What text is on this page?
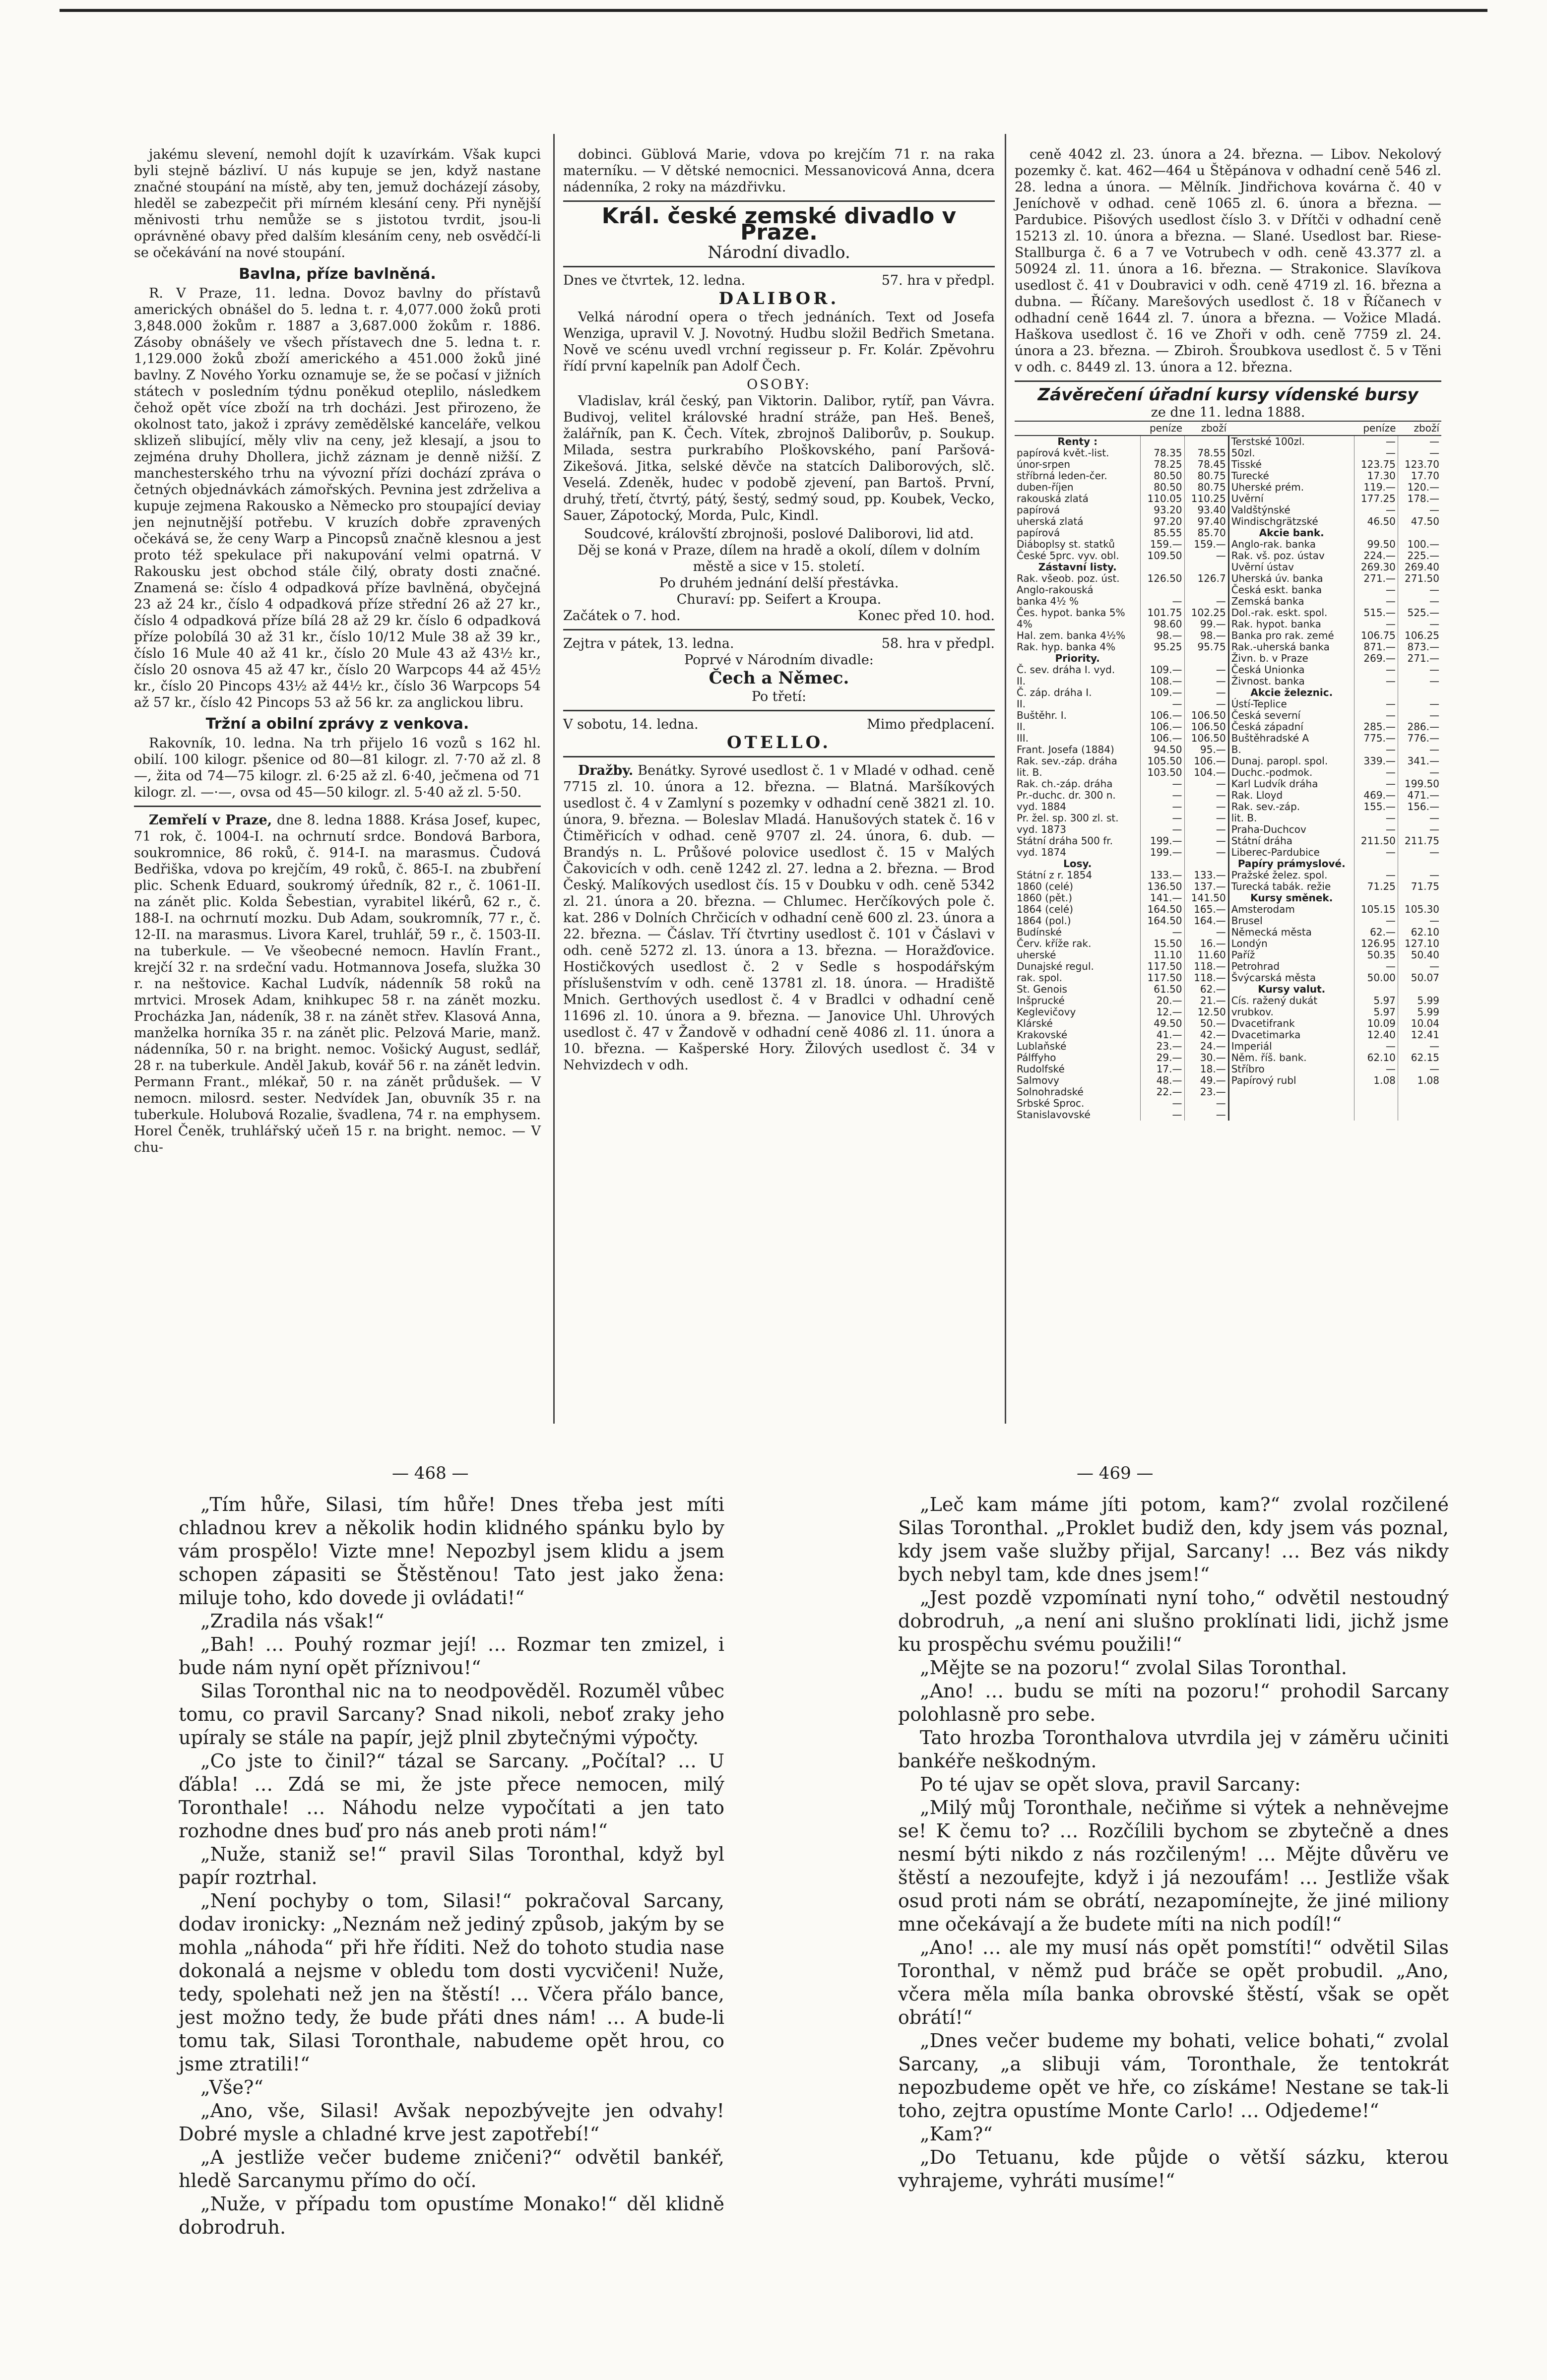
jakému slevení, nemohl dojít k uzavírkám. Však kupci byli stejně bázliví. U nás kupuje se jen, když nastane značné stoupání na místě, aby ten, jemuž docházejí zásoby, hleděl se zabezpečit při mírném klesání ceny. Při nynější měnivosti trhu nemůže se s jistotou tvrdit, jsou-li oprávněné obavy před dalším klesáním ceny, neb osvědčí-li se očekávání na nové stoupání.

Bavlna, příze bavlněná.

R. V Praze, 11. ledna. Dovoz bavlny do přístavů amerických obnášel do 5. ledna t. r. 4,077.000 žoků proti 3,848.000 žokům r. 1887 a 3,687.000 žokům r. 1886. Zásoby obnášely ve všech přístavech dne 5. ledna t. r. 1,129.000 žoků zboží amerického a 451.000 žoků jiné bavlny. Z Nového Yorku oznamuje se, že se počasí v jižních státech v posledním týdnu poněkud oteplilo, následkem čehož opět více zboží na trh docházi. Jest přirozeno, že okolnost tato, jakož i zprávy zemědělské kanceláře, velkou sklizeň slibující, měly vliv na ceny, jež klesají, a jsou to zejména druhy Dhollera, jichž záznam je denně nižší. Z manchesterského trhu na vývozní přízi dochází zpráva o četných objednávkách zámořských. Pevnina jest zdrželiva a kupuje zejmena Rakousko a Německo pro stoupající deviay jen nejnutnější potřebu. V kruzích dobře zpravených očekává se, že ceny Warp a Pincopsů značně klesnou a jest proto též spekulace při nakupování velmi opatrná. V Rakousku jest obchod stále čilý, obraty dosti značné. Znamená se: číslo 4 odpadková příze bavlněná, obyčejná 23 až 24 kr., číslo 4 odpadková příze střední 26 až 27 kr., číslo 4 odpadková příze bílá 28 až 29 kr. číslo 6 odpadková příze polobílá 30 až 31 kr., číslo 10/12 Mule 38 až 39 kr., číslo 16 Mule 40 až 41 kr., číslo 20 Mule 43 až 43½ kr., číslo 20 osnova 45 až 47 kr., číslo 20 Warpcops 44 až 45½ kr., číslo 20 Pincops 43½ až 44½ kr., číslo 36 Warpcops 54 až 57 kr., číslo 42 Pincops 53 až 56 kr. za anglickou libru.

Tržní a obilní zprávy z venkova.

Rakovník, 10. ledna. Na trh přijelo 16 vozů s 162 hl. obilí. 100 kilogr. pšenice od 80—81 kilogr. zl. 7·70 až zl. 8—, žita od 74—75 kilogr. zl. 6·25 až zl. 6·40, ječmena od 71 kilogr. zl. —·—, ovsa od 45—50 kilogr. zl. 5·40 až zl. 5·50.

Zemřelí v Praze, dne 8. ledna 1888. Krása Josef, kupec, 71 rok, č. 1004-I. na ochrnutí srdce. Bondová Barbora, soukromnice, 86 roků, č. 914-I. na marasmus. Čudová Bedřiška, vdova po krejčím, 49 roků, č. 865-I. na zbubření plic. Schenk Eduard, soukromý úředník, 82 r., č. 1061-II. na zánět plic. Kolda Šebestian, vyrabitel likérů, 62 r., č. 188-I. na ochrnutí mozku. Dub Adam, soukromník, 77 r., č. 12-II. na marasmus. Livora Karel, truhlář, 59 r., č. 1503-II. na tuberkule. — Ve všeobecné nemocn. Havlín Frant., krejčí 32 r. na srdeční vadu. Hotmannova Josefa, služka 30 r. na neštovice. Kachal Ludvík, nádenník 58 roků na mrtvici. Mrosek Adam, knihkupec 58 r. na zánět mozku. Procházka Jan, nádeník, 38 r. na zánět střev. Klasová Anna, manželka horníka 35 r. na zánět plic. Pelzová Marie, manž. nádenníka, 50 r. na bright. nemoc. Vošický August, sedlář, 28 r. na tuberkule. Anděl Jakub, kovář 56 r. na zánět ledvin. Permann Frant., mlékař, 50 r. na zánět průdušek. — V nemocn. milosrd. sester. Nedvídek Jan, obuvník 35 r. na tuberkule. Holubová Rozalie, švadlena, 74 r. na emphysem. Horel Čeněk, truhlářský učeň 15 r. na bright. nemoc. — V chu-

dobinci. Güblová Marie, vdova po krejčím 71 r. na raka materníku. — V dětské nemocnici. Messanovicová Anna, dcera nádenníka, 2 roky na mázdřivku.

Král. české zemské divadlo v Praze.
Národní divadlo.
Dnes ve čtvrtek, 12. ledna.	57. hra v předpl.
DALIBOR.

Velká národní opera o třech jednáních. Text od Josefa Wenziga, upravil V. J. Novotný. Hudbu složil Bedřich Smetana. Nově ve scénu uvedl vrchní regisseur p. Fr. Kolár. Zpěvohru řídí první kapelník pan Adolf Čech.

OSOBY:

Vladislav, král český, pan Viktorin. Dalibor, rytíř, pan Vávra. Budivoj, velitel královské hradní stráže, pan Heš. Beneš, žalářník, pan K. Čech. Vítek, zbrojnoš Daliborův, p. Soukup. Milada, sestra purkrabího Ploškovského, paní Paršová-Zikešová. Jitka, selské děvče na statcích Daliborových, slč. Veselá. Zdeněk, hudec v podobě zjevení, pan Bartoš. První, druhý, třetí, čtvrtý, pátý, šestý, sedmý soud, pp. Koubek, Vecko, Sauer, Zápotocký, Morda, Pulc, Kindl.

Soudcové, královští zbrojnoši, poslové Daliborovi, lid atd.
Děj se koná v Praze, dílem na hradě a okolí, dílem v dolním městě a sice v 15. století.
Po druhém jednání delší přestávka.
Churaví: pp. Seifert a Kroupa.
Začátek o 7. hod.	Konec před 10. hod.
Zejtra v pátek, 13. ledna.	58. hra v předpl.
Poprvé v Národním divadle:
Čech a Němec.
Po třetí:
V sobotu, 14. ledna.	Mimo předplacení.
OTELLO.

Dražby. Benátky. Syrové usedlost č. 1 v Mladé v odhad. ceně 7715 zl. 10. února a 12. března. — Blatná. Maršíkových usedlost č. 4 v Zamlyní s pozemky v odhadní ceně 3821 zl. 10. února, 9. března. — Boleslav Mladá. Hanušových statek č. 16 v Čtiměřicích v odhad. ceně 9707 zl. 24. února, 6. dub. — Brandýs n. L. Průšové polovice usedlost č. 15 v Malých Čakovicích v odh. ceně 1242 zl. 27. ledna a 2. března. — Brod Český. Malíkových usedlost čís. 15 v Doubku v odh. ceně 5342 zl. 21. února a 20. března. — Chlumec. Herčíkových pole č. kat. 286 v Dolních Chrčicích v odhadní ceně 600 zl. 23. února a 22. března. — Čáslav. Tří čtvrtiny usedlost č. 101 v Čáslavi v odh. ceně 5272 zl. 13. února a 13. března. — Horažďovice. Hostičkových usedlost č. 2 v Sedle s hospodářským příslušenstvím v odh. ceně 13781 zl. 18. února. — Hradiště Mnich. Gerthových usedlost č. 4 v Bradlci v odhadní ceně 11696 zl. 10. února a 9. března. — Janovice Uhl. Uhrových usedlost č. 47 v Žandově v odhadní ceně 4086 zl. 11. února a 10. března. — Kašperské Hory. Žilových usedlost č. 34 v Nehvizdech v odh.

ceně 4042 zl. 23. února a 24. března. — Libov. Nekolový pozemky č. kat. 462—464 u Štěpánova v odhadní ceně 546 zl. 28. ledna a února. — Mělník. Jindřichova kovárna č. 40 v Jeníchově v odhad. ceně 1065 zl. 6. února a března. — Pardubice. Pišových usedlost číslo 3. v Dřítči v odhadní ceně 15213 zl. 10. února a března. — Slané. Usedlost bar. Riese-Stallburga č. 6 a 7 ve Votrubech v odh. ceně 43.377 zl. a 50924 zl. 11. února a 16. března. — Strakonice. Slavíkova usedlost č. 41 v Doubravici v odh. ceně 4719 zl. 16. března a dubna. — Říčany. Marešových usedlost č. 18 v Říčanech v odhadní ceně 1644 zl. 7. února a března. — Vožice Mladá. Haškova usedlost č. 16 ve Zhoři v odh. ceně 7759 zl. 24. února a 23. března. — Zbiroh. Šroubkova usedlost č. 5 v Těni v odh. c. 8449 zl. 13. února a 12. března.

Závěrečení úřadní kursy vídenské bursy
ze dne 11. ledna 1888.
	peníze	zboží		peníze	zboží
Renty :			Terstské 100zl.	—	—
papírová květ.-list.	78.35	78.55	50zl.	—	—
únor-srpen	78.25	78.45	Tisské	123.75	123.70
stříbrná leden-čer.	80.50	80.75	Turecké	17.30	17.70
duben-říjen	80.50	80.75	Uherské prém.	119.—	120.—
rakouská zlatá	110.05	110.25	Uvěrní	177.25	178.—
papírová	93.20	93.40	Valdštýnské	—	—
uherská zlatá	97.20	97.40	Windischgrätzské	46.50	47.50
papírová	85.55	85.70	Akcie bank.		
Diáboplsy st. statků	159.—	159.—	Anglo-rak. banka	99.50	100.—
České 5prc. vyv. obl.	109.50	—	Rak. vš. poz. ústav	224.—	225.—
Zástavní listy.			Uvěrní ústav	269.30	269.40
Rak. všeob. poz. úst.	126.50	126.7	Uherská úv. banka	271.—	271.50
Anglo-rakouská			Česká eskt. banka	—	—
banka 4½ %	—	—	Zemská banka	—	—
Čes. hypot. banka 5%	101.75	102.25	Dol.-rak. eskt. spol.	515.—	525.—
4%	98.60	99.—	Rak. hypot. banka	—	—
Hal. zem. banka 4½%	98.—	98.—	Banka pro rak. zemé	106.75	106.25
Rak. hyp. banka 4%	95.25	95.75	Rak.-uherská banka	871.—	873.—
Priority.			Živn. b. v Praze	269.—	271.—
Č. sev. dráha I. vyd.	109.—	—	Česká Unionka	—	—
II.	108.—	—	Živnost. banka	—	—
Č. záp. dráha I.	109.—	—	Akcie železnic.		
II.	—	—	Ústí-Teplice	—	—
Buštěhr. I.	106.—	106.50	Česká severní	—	—
II.	106.—	106.50	Česká západní	285.—	286.—
III.	106.—	106.50	Buštěhradské A	775.—	776.—
Frant. Josefa (1884)	94.50	95.—	B.	—	—
Rak. sev.-záp. dráha	105.50	106.—	Dunaj. paropl. spol.	339.—	341.—
lit. B.	103.50	104.—	Duchc.-podmok.	—	—
Rak. ch.-záp. dráha	—	—	Karl Ludvík dráha	—	199.50
Pr.-duchc. dr. 300 n.	—	—	Rak. Lloyd	469.—	471.—
vyd. 1884	—	—	Rak. sev.-záp.	155.—	156.—
Pr. žel. sp. 300 zl. st.	—	—	lit. B.	—	—
vyd. 1873	—	—	Praha-Duchcov	—	—
Státní dráha 500 fr.	199.—	—	Státní dráha	211.50	211.75
vyd. 1874	199.—	—	Liberec-Pardubice	—	—
Losy.			Papíry prámyslové.		
Státní z r. 1854	133.—	133.—	Pražské želez. spol.	—	—
1860 (celé)	136.50	137.—	Turecká tabák. režie	71.25	71.75
1860 (pět.)	141.—	141.50	Kursy směnek.		
1864 (celé)	164.50	165.—	Amsterodam	105.15	105.30
1864 (pol.)	164.50	164.—	Brusel	—	—
Budínské	—	—	Německá města	62.—	62.10
Červ. kříže rak.	15.50	16.—	Londýn	126.95	127.10
uherské	11.10	11.60	Paříž	50.35	50.40
Dunajské regul.	117.50	118.—	Petrohrad	—	—
rak. spol.	117.50	118.—	Švýcarská města	50.00	50.07
St. Genois	61.50	62.—	Kursy valut.		
Inšprucké	20.—	21.—	Cís. ražený dukát	5.97	5.99
Keglevičovy	12.—	12.50	vrubkov.	5.97	5.99
Klárské	49.50	50.—	Dvacetifrank	10.09	10.04
Krakovské	41.—	42.—	Dvacetimarka	12.40	12.41
Lublaňské	23.—	24.—	Imperiál	—	—
Pálffyho	29.—	30.—	Něm. říš. bank.	62.10	62.15
Rudolfské	17.—	18.—	Stříbro	—	—
Salmovy	48.—	49.—	Papírový rubl	1.08	1.08
Solnohradské	22.—	23.—			
Srbské Sproc.	—	—			
Stanislavovské	—	—			
— 468 —	— 469 —

„Tím hůře, Silasi, tím hůře! Dnes třeba jest míti chladnou krev a několik hodin klidného spánku bylo by vám prospělo! Vizte mne! Nepozbyl jsem klidu a jsem schopen zápasiti se Štěstěnou! Tato jest jako žena: miluje toho, kdo dovede ji ovládati!“

„Zradila nás však!“

„Bah! … Pouhý rozmar její! … Rozmar ten zmizel, i bude nám nyní opět příznivou!“

Silas Toronthal nic na to neodpověděl. Rozuměl vůbec tomu, co pravil Sarcany? Snad nikoli, neboť zraky jeho upíraly se stále na papír, jejž plnil zbytečnými výpočty.

„Co jste to činil?“ tázal se Sarcany. „Počítal? … U ďábla! … Zdá se mi, že jste přece nemocen, milý Toronthale! … Náhodu nelze vypočítati a jen tato rozhodne dnes buď pro nás aneb proti nám!“

„Nuže, staniž se!“ pravil Silas Toronthal, když byl papír roztrhal.

„Není pochyby o tom, Silasi!“ pokračoval Sarcany, dodav ironicky: „Neznám než jediný způsob, jakým by se mohla „náhoda“ při hře říditi. Než do tohoto studia nase dokonalá a nejsme v obledu tom dosti vycvičeni! Nuže, tedy, spolehati než jen na štěstí! … Včera přálo bance, jest možno tedy, že bude přáti dnes nám! … A bude-li tomu tak, Silasi Toronthale, nabudeme opět hrou, co jsme ztratili!“

„Vše?“

„Ano, vše, Silasi! Avšak nepozbývejte jen odvahy! Dobré mysle a chladné krve jest zapotřebí!“

„A jestliže večer budeme zničeni?“ odvětil bankéř, hledě Sarcanymu přímo do očí.

„Nuže, v případu tom opustíme Monako!“ děl klidně dobrodruh.

„Leč kam máme jíti potom, kam?“ zvolal rozčilené Silas Toronthal. „Proklet budiž den, kdy jsem vás poznal, kdy jsem vaše služby přijal, Sarcany! … Bez vás nikdy bych nebyl tam, kde dnes jsem!“

„Jest pozdě vzpomínati nyní toho,“ odvětil nestoudný dobrodruh, „a není ani slušno proklínati lidi, jichž jsme ku prospěchu svému použili!“

„Mějte se na pozoru!“ zvolal Silas Toronthal.

„Ano! … budu se míti na pozoru!“ prohodil Sarcany polohlasně pro sebe.

Tato hrozba Toronthalova utvrdila jej v záměru učiniti bankéře neškodným.

Po té ujav se opět slova, pravil Sarcany:

„Milý můj Toronthale, nečiňme si výtek a nehněvejme se! K čemu to? … Rozčílili bychom se zbytečně a dnes nesmí býti nikdo z nás rozčileným! … Mějte důvěru ve štěstí a nezoufejte, když i já nezoufám! … Jestliže však osud proti nám se obrátí, nezapomínejte, že jiné miliony mne očekávají a že budete míti na nich podíl!“

„Ano! … ale my musí nás opět pomstíti!“ odvětil Silas Toronthal, v němž pud bráče se opět probudil. „Ano, včera měla míla banka obrovské štěstí, však se opět obrátí!“

„Dnes večer budeme my bohati, velice bohati,“ zvolal Sarcany, „a slibuji vám, Toronthale, že tentokrát nepozbudeme opět ve hře, co získáme! Nestane se tak-li toho, zejtra opustíme Monte Carlo! … Odjedeme!“

„Kam?“

„Do Tetuanu, kde půjde o větší sázku, kterou vyhrajeme, vyhráti musíme!“
